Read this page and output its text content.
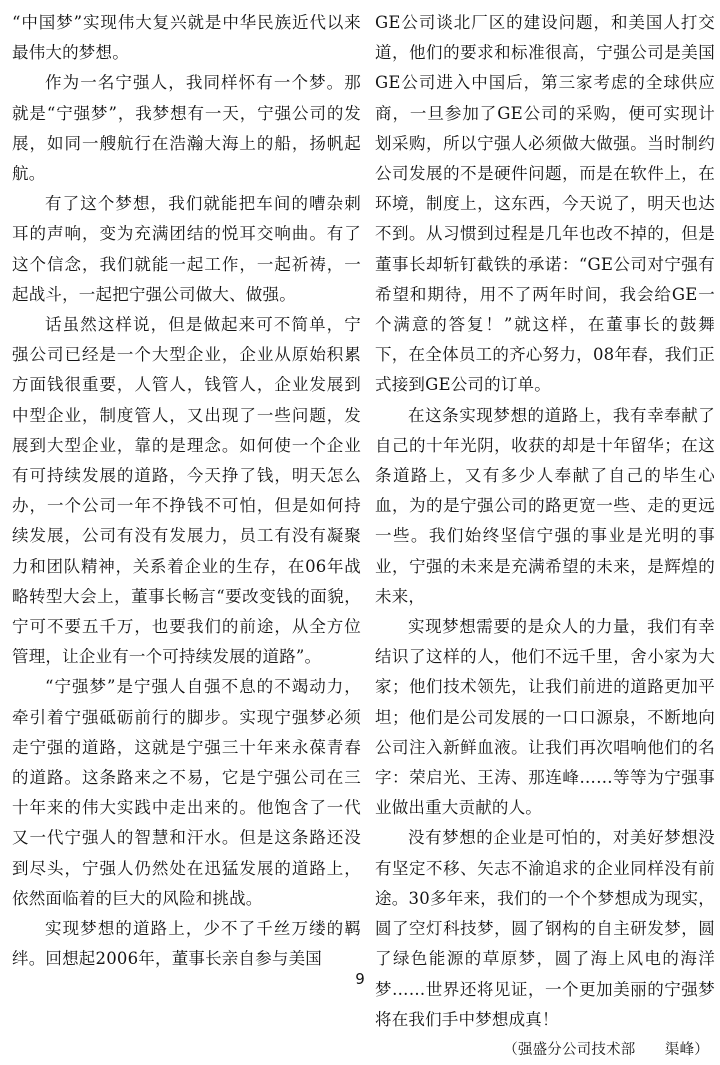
“中国梦”实现伟大复兴就是中华民族近代以来最伟大的梦想。

作为一名宁强人，我同样怀有一个梦。那就是“宁强梦”，我梦想有一天，宁强公司的发展，如同一艘航行在浩瀚大海上的船，扬帆起航。

有了这个梦想，我们就能把车间的嘈杂刺耳的声响，变为充满团结的悦耳交响曲。有了这个信念，我们就能一起工作，一起祈祷，一起战斗，一起把宁强公司做大、做强。

话虽然这样说，但是做起来可不简单，宁强公司已经是一个大型企业，企业从原始积累方面钱很重要，人管人，钱管人，企业发展到中型企业，制度管人，又出现了一些问题，发展到大型企业，靠的是理念。如何使一个企业有可持续发展的道路，今天挣了钱，明天怎么办，一个公司一年不挣钱不可怕，但是如何持续发展，公司有没有发展力，员工有没有凝聚力和团队精神，关系着企业的生存，在06年战略转型大会上，董事长畅言“要改变钱的面貌，宁可不要五千万，也要我们的前途，从全方位管理，让企业有一个可持续发展的道路”。

“宁强梦”是宁强人自强不息的不竭动力，牵引着宁强砥砺前行的脚步。实现宁强梦必须走宁强的道路，这就是宁强三十年来永葆青春的道路。这条路来之不易，它是宁强公司在三十年来的伟大实践中走出来的。他饱含了一代又一代宁强人的智慧和汗水。但是这条路还没到尽头，宁强人仍然处在迅猛发展的道路上，依然面临着的巨大的风险和挑战。

实现梦想的道路上，少不了千丝万缕的羁绊。回想起2006年，董事长亲自参与美国

GE公司谈北厂区的建设问题，和美国人打交道，他们的要求和标准很高，宁强公司是美国GE公司进入中国后，第三家考虑的全球供应商，一旦参加了GE公司的采购，便可实现计划采购，所以宁强人必须做大做强。当时制约公司发展的不是硬件问题，而是在软件上，在环境，制度上，这东西，今天说了，明天也达不到。从习惯到过程是几年也改不掉的，但是董事长却斩钉截铁的承诺：“GE公司对宁强有希望和期待，用不了两年时间，我会给GE一个满意的答复！”就这样，在董事长的鼓舞下，在全体员工的齐心努力，08年春，我们正式接到GE公司的订单。

在这条实现梦想的道路上，我有幸奉献了自己的十年光阴，收获的却是十年留华；在这条道路上，又有多少人奉献了自己的毕生心血，为的是宁强公司的路更宽一些、走的更远一些。我们始终坚信宁强的事业是光明的事业，宁强的未来是充满希望的未来，是辉煌的未来，

实现梦想需要的是众人的力量，我们有幸结识了这样的人，他们不远千里，舍小家为大家；他们技术领先，让我们前进的道路更加平坦；他们是公司发展的一口口源泉，不断地向公司注入新鲜血液。让我们再次唱响他们的名字：荣启光、王涛、那连峰……等等为宁强事业做出重大贡献的人。

没有梦想的企业是可怕的，对美好梦想没有坚定不移、矢志不渝追求的企业同样没有前途。30多年来，我们的一个个梦想成为现实，圆了空灯科技梦，圆了钢构的自主研发梦，圆了绿色能源的草原梦，圆了海上风电的海洋梦……世界还将见证，一个更加美丽的宁强梦将在我们手中梦想成真！

（强盛分公司技术部　　渠峰）
9
